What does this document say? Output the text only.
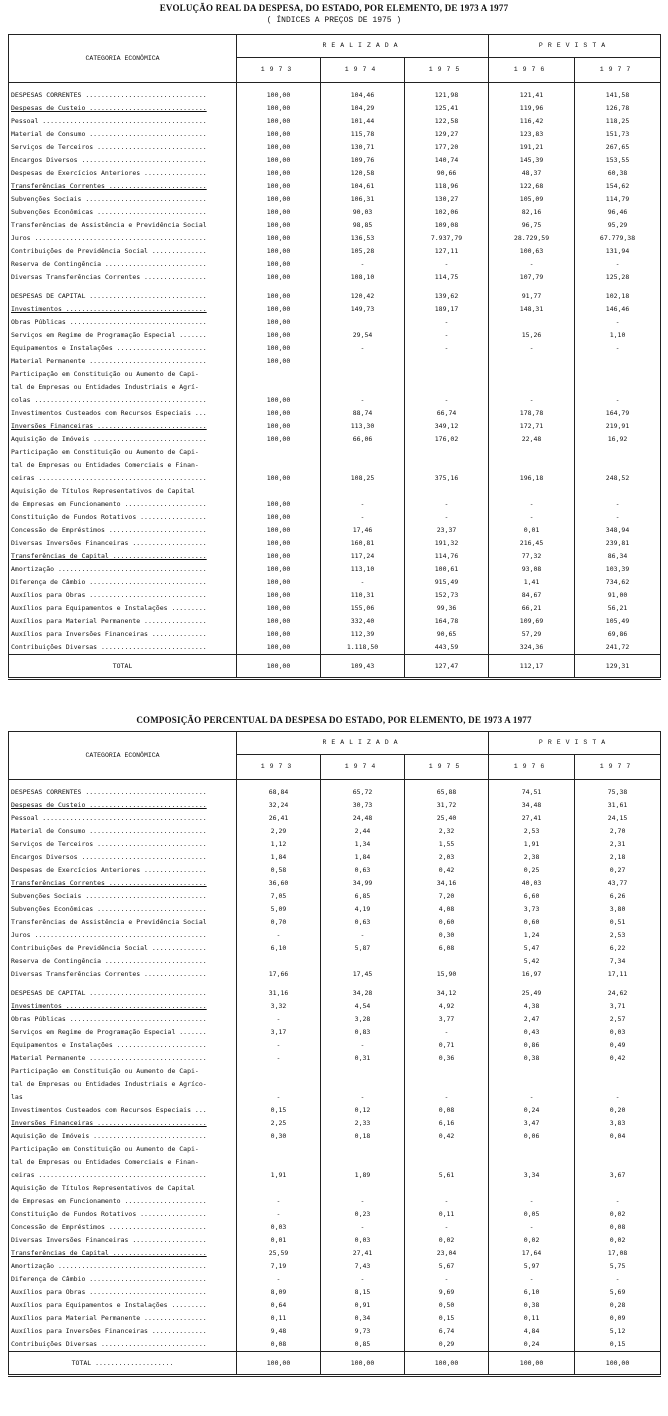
EVOLUÇÃO REAL DA DESPESA, DO ESTADO, POR ELEMENTO, DE 1973 A 1977
( ÍNDICES A PREÇOS DE 1975 )
CATEGORIA ECONÔMICA	REALIZADA			PREVISTA	
	1973	1974	1975	1976	1977
DESPESAS CORRENTES ...............................	100,00	104,46	121,98	121,41	141,58
Despesas de Custeio ..............................	100,00	104,29	125,41	119,96	126,78
Pessoal ..........................................	100,00	101,44	122,58	116,42	118,25
Material de Consumo ..............................	100,00	115,78	129,27	123,83	151,73
Serviços de Terceiros ............................	100,00	130,71	177,20	191,21	267,65
Encargos Diversos ................................	100,00	109,76	140,74	145,39	153,55
Despesas de Exercícios Anteriores ................	100,00	120,58	90,66	48,37	60,38
Transferências Correntes .........................	100,00	104,61	118,96	122,68	154,62
Subvenções Sociais ...............................	100,00	106,31	130,27	105,09	114,79
Subvenções Econômicas ............................	100,00	90,03	102,06	82,16	96,46
Transferências de Assistência e Previdência Social	100,00	98,85	109,08	96,75	95,29
Juros ............................................	100,00	136,53	7.937,79	28.729,59	67.779,38
Contribuições de Previdência Social ..............	100,00	105,28	127,11	100,63	131,94
Reserva de Contingência ..........................	100,00	-	-	-	-
Diversas Transferências Correntes ................	100,00	108,10	114,75	107,79	125,28

DESPESAS DE CAPITAL ..............................	100,00	120,42	139,62	91,77	102,18
Investimentos ....................................	100,00	149,73	189,17	148,31	146,46
Obras Públicas ...................................	100,00		-		-
Serviços em Regime de Programação Especial .......	100,00	29,54	-	15,26	1,10
Equipamentos e Instalações .......................	100,00	-	-	-	-
Material Permanente ..............................	100,00				
Participação em Constituição ou Aumento de Capi-					
tal de Empresas ou Entidades Industriais e Agrí-					
colas ............................................	100,00	-	-	-	-
Investimentos Custeados com Recursos Especiais ...	100,00	88,74	66,74	178,78	164,79
Inversões Financeiras ............................	100,00	113,30	349,12	172,71	219,91
Aquisição de Imóveis .............................	100,00	66,06	176,02	22,48	16,92
Participação em Constituição ou Aumento de Capi-					
tal de Empresas ou Entidades Comerciais e Finan-					
ceiras ...........................................	100,00	108,25	375,16	196,18	248,52
Aquisição de Títulos Representativos de Capital					
de Empresas em Funcionamento .....................	100,00	-	-	-	-
Constituição de Fundos Rotativos .................	100,00	-	-	-	-
Concessão de Empréstimos .........................	100,00	17,46	23,37	0,01	348,94
Diversas Inversões Financeiras ...................	100,00	160,81	191,32	216,45	239,81
Transferências de Capital ........................	100,00	117,24	114,76	77,32	86,34
Amortização ......................................	100,00	113,10	100,61	93,08	103,39
Diferença de Câmbio ..............................	100,00	-	915,49	1,41	734,62
Auxílios para Obras ..............................	100,00	110,31	152,73	84,67	91,00
Auxílios para Equipamentos e Instalações .........	100,00	155,06	99,36	66,21	56,21
Auxílios para Material Permanente ................	100,00	332,40	164,78	109,69	105,49
Auxílios para Inversões Financeiras ..............	100,00	112,39	90,65	57,29	69,86
Contribuições Diversas ...........................	100,00	1.118,50	443,59	324,36	241,72
TOTAL	100,00	109,43	127,47	112,17	129,31

COMPOSIÇÃO PERCENTUAL DA DESPESA DO ESTADO, POR ELEMENTO, DE 1973 A 1977
CATEGORIA ECONÔMICA	REALIZADA			PREVISTA	
	1973	1974	1975	1976	1977
DESPESAS CORRENTES ...............................	68,84	65,72	65,88	74,51	75,38
Despesas de Custeio ..............................	32,24	30,73	31,72	34,48	31,61
Pessoal ..........................................	26,41	24,48	25,40	27,41	24,15
Material de Consumo ..............................	2,29	2,44	2,32	2,53	2,70
Serviços de Terceiros ............................	1,12	1,34	1,55	1,91	2,31
Encargos Diversos ................................	1,84	1,84	2,03	2,38	2,18
Despesas de Exercícios Anteriores ................	0,58	0,63	0,42	0,25	0,27
Transferências Correntes .........................	36,60	34,99	34,16	40,03	43,77
Subvenções Sociais ...............................	7,05	6,85	7,20	6,60	6,26
Subvenções Econômicas ............................	5,09	4,19	4,08	3,73	3,80
Transferências de Assistência e Previdência Social	0,70	0,63	0,60	0,60	0,51
Juros ............................................	-	-	0,30	1,24	2,53
Contribuições de Previdência Social ..............	6,10	5,87	6,08	5,47	6,22
Reserva de Contingência ..........................				5,42	7,34
Diversas Transferências Correntes ................	17,66	17,45	15,90	16,97	17,11

DESPESAS DE CAPITAL ..............................	31,16	34,28	34,12	25,49	24,62
Investimentos ....................................	3,32	4,54	4,92	4,38	3,71
Obras Públicas ...................................	-	3,28	3,77	2,47	2,57
Serviços em Regime de Programação Especial .......	3,17	0,83	-	0,43	0,03
Equipamentos e Instalações .......................	-	-	0,71	0,86	0,49
Material Permanente ..............................	-	0,31	0,36	0,38	0,42
Participação em Constituição ou Aumento de Capi-					
tal de Empresas ou Entidades Industriais e Agríco-					
las	-	-	-	-	-
Investimentos Custeados com Recursos Especiais ...	0,15	0,12	0,08	0,24	0,20
Inversões Financeiras ............................	2,25	2,33	6,16	3,47	3,83
Aquisição de Imóveis .............................	0,30	0,18	0,42	0,06	0,04
Participação em Constituição ou Aumento de Capi-					
tal de Empresas ou Entidades Comerciais e Finan-					
ceiras ...........................................	1,91	1,89	5,61	3,34	3,67
Aquisição de Títulos Representativos de Capital					
de Empresas em Funcionamento .....................	-	-	-	-	-
Constituição de Fundos Rotativos .................	-	0,23	0,11	0,05	0,02
Concessão de Empréstimos .........................	0,03	-	-	-	0,08
Diversas Inversões Financeiras ...................	0,01	0,03	0,02	0,02	0,02
Transferências de Capital ........................	25,59	27,41	23,04	17,64	17,08
Amortização ......................................	7,19	7,43	5,67	5,97	5,75
Diferença de Câmbio ..............................	-	-	-	-	-
Auxílios para Obras ..............................	8,09	8,15	9,69	6,10	5,69
Auxílios para Equipamentos e Instalações .........	0,64	0,91	0,50	0,38	0,28
Auxílios para Material Permanente ................	0,11	0,34	0,15	0,11	0,09
Auxílios para Inversões Financeiras ..............	9,48	9,73	6,74	4,84	5,12
Contribuições Diversas ...........................	0,08	0,85	0,29	0,24	0,15
TOTAL ....................	100,00	100,00	100,00	100,00	100,00
